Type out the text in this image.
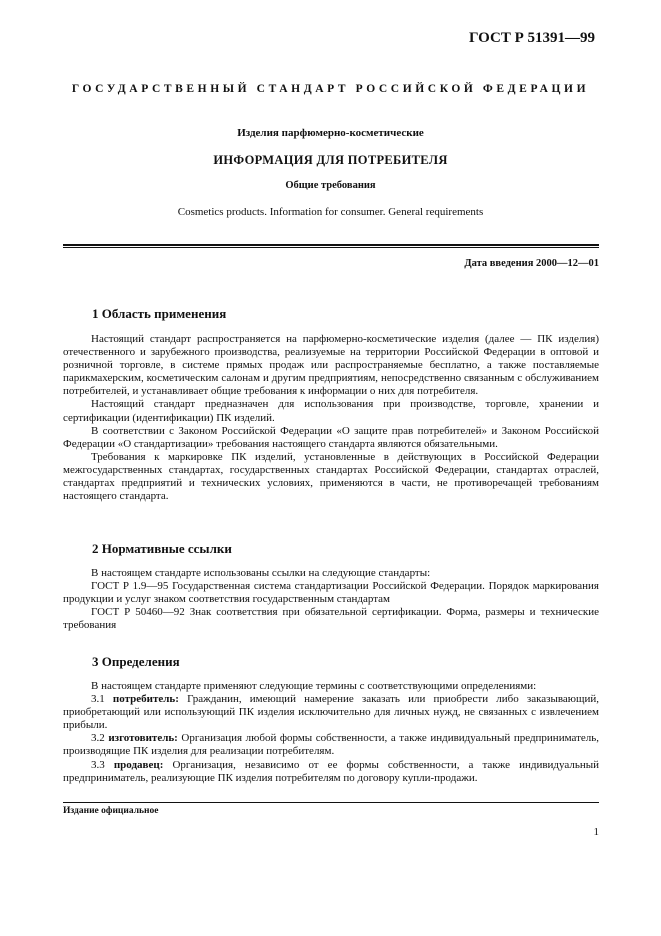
ГОСТ Р 51391—99
ГОСУДАРСТВЕННЫЙ СТАНДАРТ РОССИЙСКОЙ ФЕДЕРАЦИИ
Изделия парфюмерно-косметические
ИНФОРМАЦИЯ ДЛЯ ПОТРЕБИТЕЛЯ
Общие требования
Cosmetics products. Information for consumer. General requirements
Дата введения 2000—12—01
1 Область применения

Настоящий стандарт распространяется на парфюмерно-косметические изделия (далее — ПК изделия) отечественного и зарубежного производства, реализуемые на территории Российской Федерации в оптовой и розничной торговле, в системе прямых продаж или распространяемые бесплатно, а также поставляемые парикмахерским, косметическим салонам и другим предприятиям, непосредственно связанным с обслуживанием потребителей, и устанавливает общие требования к информации о них для потребителя.

Настоящий стандарт предназначен для использования при производстве, торговле, хранении и сертификации (идентификации) ПК изделий.

В соответствии с Законом Российской Федерации «О защите прав потребителей» и Законом Российской Федерации «О стандартизации» требования настоящего стандарта являются обязательными.

Требования к маркировке ПК изделий, установленные в действующих в Российской Федерации межгосударственных стандартах, государственных стандартах Российской Федерации, стандартах отраслей, стандартах предприятий и технических условиях, применяются в части, не противоречащей требованиям настоящего стандарта.

2 Нормативные ссылки

В настоящем стандарте использованы ссылки на следующие стандарты:

ГОСТ Р 1.9—95 Государственная система стандартизации Российской Федерации. Порядок маркирования продукции и услуг знаком соответствия государственным стандартам

ГОСТ Р 50460—92 Знак соответствия при обязательной сертификации. Форма, размеры и технические требования

3 Определения

В настоящем стандарте применяют следующие термины с соответствующими определениями:

3.1 потребитель: Гражданин, имеющий намерение заказать или приобрести либо заказывающий, приобретающий или использующий ПК изделия исключительно для личных нужд, не связанных с извлечением прибыли.

3.2 изготовитель: Организация любой формы собственности, а также индивидуальный предприниматель, производящие ПК изделия для реализации потребителям.

3.3 продавец: Организация, независимо от ее формы собственности, а также индивидуальный предприниматель, реализующие ПК изделия потребителям по договору купли-продажи.

Издание официальное
1
